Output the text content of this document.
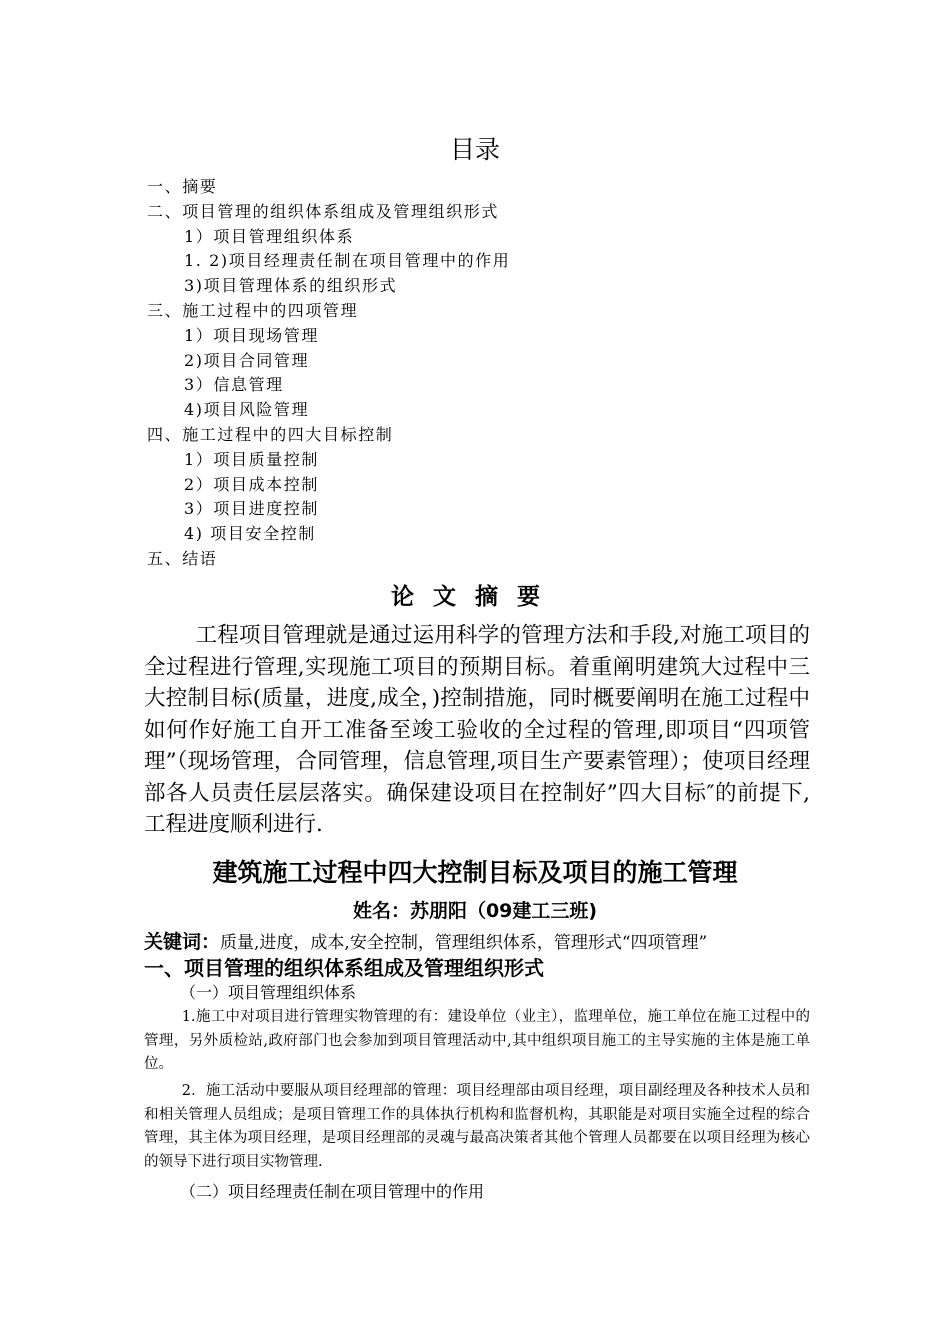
目录
一、摘要
二、项目管理的组织体系组成及管理组织形式
1）项目管理组织体系
1. 2)项目经理责任制在项目管理中的作用
3)项目管理体系的组织形式
三、施工过程中的四项管理
1）项目现场管理
2)项目合同管理
3）信息管理
4)项目风险管理
四、施工过程中的四大目标控制
1）项目质量控制
2）项目成本控制
3）项目进度控制
4) 项目安全控制
五、结语
论文摘要

工程项目管理就是通过运用科学的管理方法和手段,对施工项目的全过程进行管理,实现施工项目的预期目标。着重阐明建筑大过程中三大控制目标(质量，进度,成全，)控制措施，同时概要阐明在施工过程中如何作好施工自开工准备至竣工验收的全过程的管理,即项目“四项管理”（现场管理，合同管理，信息管理,项目生产要素管理）；使项目经理部各人员责任层层落实。确保建设项目在控制好”四大目标″的前提下,工程进度顺利进行.

建筑施工过程中四大控制目标及项目的施工管理
姓名：苏朋阳（09建工三班)
关键词：质量,进度，成本,安全控制，管理组织体系，管理形式“四项管理”
一、项目管理的组织体系组成及管理组织形式
（一）项目管理组织体系

1.施工中对项目进行管理实物管理的有：建设单位（业主），监理单位，施工单位在施工过程中的管理，另外质检站,政府部门也会参加到项目管理活动中,其中组织项目施工的主导实施的主体是施工单位。

2．施工活动中要服从项目经理部的管理：项目经理部由项目经理，项目副经理及各种技术人员和和相关管理人员组成；是项目管理工作的具体执行机构和监督机构，其职能是对项目实施全过程的综合管理，其主体为项目经理，是项目经理部的灵魂与最高决策者其他个管理人员都要在以项目经理为核心的领导下进行项目实物管理.

（二）项目经理责任制在项目管理中的作用
